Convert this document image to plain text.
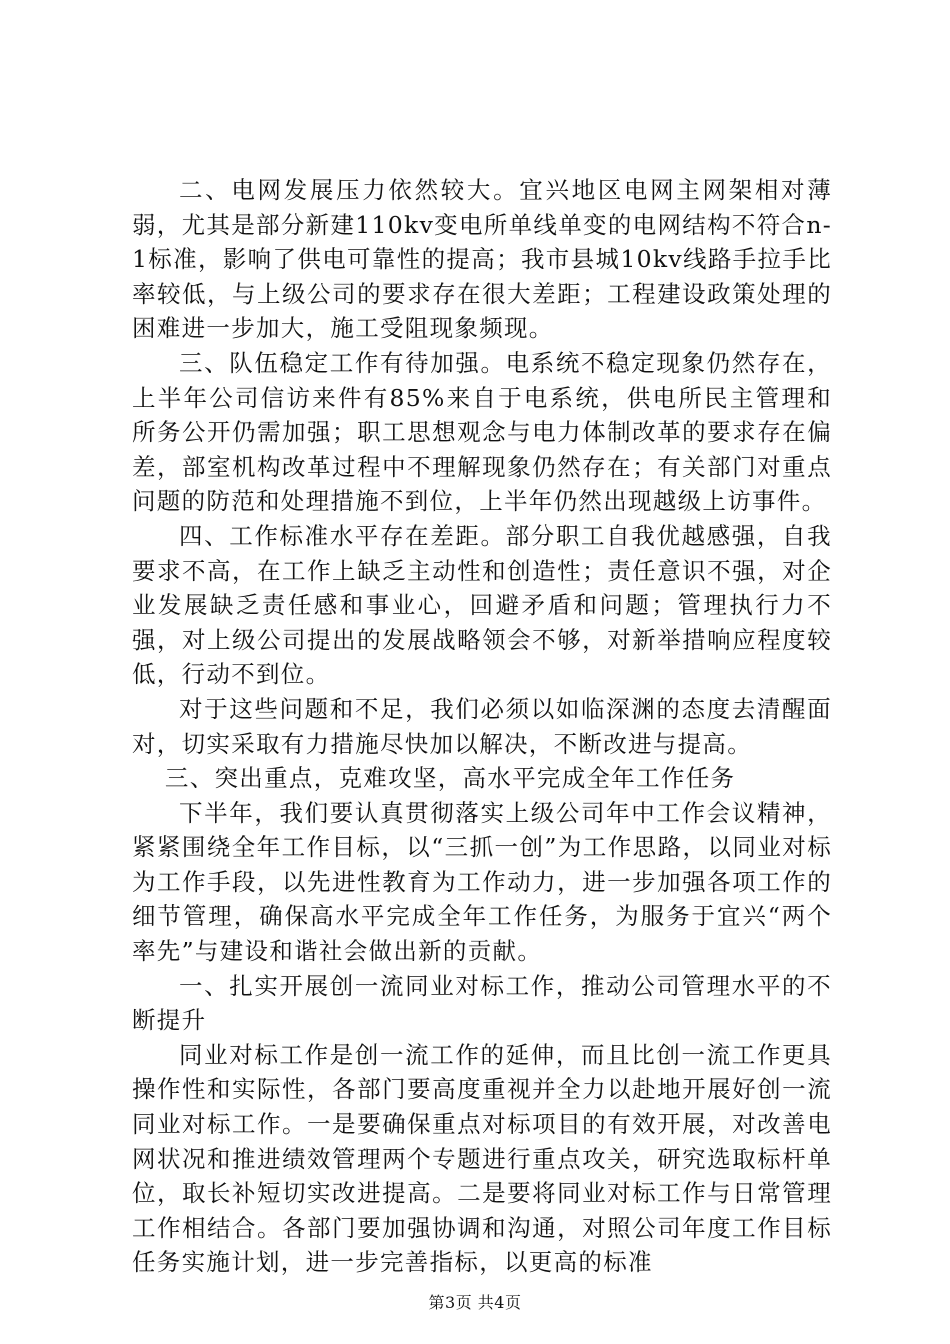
二、电网发展压力依然较大。宜兴地区电网主网架相对薄弱，尤其是部分新建110kv变电所单线单变的电网结构不符合n-1标准，影响了供电可靠性的提高；我市县城10kv线路手拉手比率较低，与上级公司的要求存在很大差距；工程建设政策处理的困难进一步加大，施工受阻现象频现。

三、队伍稳定工作有待加强。电系统不稳定现象仍然存在，上半年公司信访来件有85%来自于电系统，供电所民主管理和所务公开仍需加强；职工思想观念与电力体制改革的要求存在偏差，部室机构改革过程中不理解现象仍然存在；有关部门对重点问题的防范和处理措施不到位，上半年仍然出现越级上访事件。

四、工作标准水平存在差距。部分职工自我优越感强，自我要求不高，在工作上缺乏主动性和创造性；责任意识不强，对企业发展缺乏责任感和事业心，回避矛盾和问题；管理执行力不强，对上级公司提出的发展战略领会不够，对新举措响应程度较低，行动不到位。

对于这些问题和不足，我们必须以如临深渊的态度去清醒面对，切实采取有力措施尽快加以解决，不断改进与提高。

三、突出重点，克难攻坚，高水平完成全年工作任务

下半年，我们要认真贯彻落实上级公司年中工作会议精神，紧紧围绕全年工作目标，以“三抓一创”为工作思路，以同业对标为工作手段，以先进性教育为工作动力，进一步加强各项工作的细节管理，确保高水平完成全年工作任务，为服务于宜兴“两个率先”与建设和谐社会做出新的贡献。

一、扎实开展创一流同业对标工作，推动公司管理水平的不断提升

同业对标工作是创一流工作的延伸，而且比创一流工作更具操作性和实际性，各部门要高度重视并全力以赴地开展好创一流同业对标工作。一是要确保重点对标项目的有效开展，对改善电网状况和推进绩效管理两个专题进行重点攻关，研究选取标杆单位，取长补短切实改进提高。二是要将同业对标工作与日常管理工作相结合。各部门要加强协调和沟通，对照公司年度工作目标任务实施计划，进一步完善指标，以更高的标准

第3页 共4页
